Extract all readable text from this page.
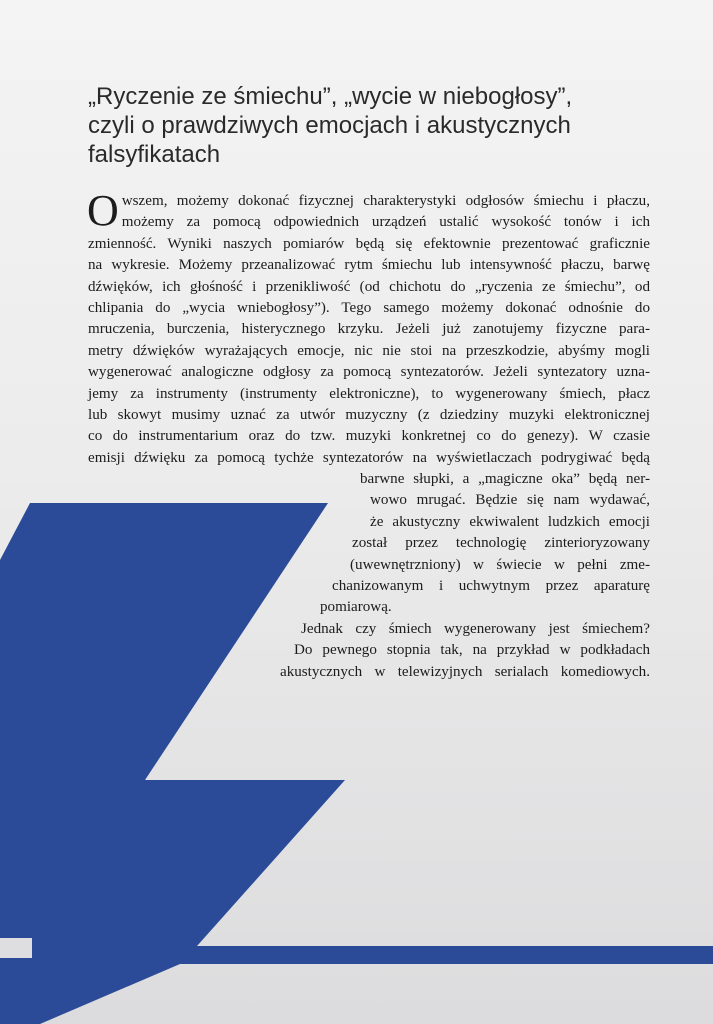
„Ryczenie ze śmiechu”, „wycie w niebogłosy”,
czyli o prawdziwych emocjach i akustycznych
falsyfikatach
O wszem, możemy dokonać fizycznej charakterystyki odgłosów śmiechu i płaczu,
możemy za pomocą odpowiednich urządzeń ustalić wysokość tonów i ich
zmienność. Wyniki naszych pomiarów będą się efektownie prezentować graficznie
na wykresie. Możemy przeanalizować rytm śmiechu lub intensywność płaczu, barwę
dźwięków, ich głośność i przenikliwość (od chichotu do „ryczenia ze śmiechu”, od
chlipania do „wycia wniebogłosy”). Tego samego możemy dokonać odnośnie do
mruczenia, burczenia, histerycznego krzyku. Jeżeli już zanotujemy fizyczne para-
metry dźwięków wyrażających emocje, nic nie stoi na przeszkodzie, abyśmy mogli
wygenerować analogiczne odgłosy za pomocą syntezatorów. Jeżeli syntezatory uzna-
jemy za instrumenty (instrumenty elektroniczne), to wygenerowany śmiech, płacz
lub skowyt musimy uznać za utwór muzyczny (z dziedziny muzyki elektronicznej
co do instrumentarium oraz do tzw. muzyki konkretnej co do genezy). W czasie
emisji dźwięku za pomocą tychże syntezatorów na wyświetlaczach podrygiwać będą
barwne słupki, a „magiczne oka” będą ner-
wowo mrugać. Będzie się nam wydawać,
że akustyczny ekwiwalent ludzkich emocji
został przez technologię zinterioryzowany
(uwewnętrzniony) w świecie w pełni zme-
chanizowanym i uchwytnym przez aparaturę
pomiarową.
Jednak czy śmiech wygenerowany jest śmiechem?
Do pewnego stopnia tak, na przykład w podkładach
akustycznych w telewizyjnych serialach komediowych.
